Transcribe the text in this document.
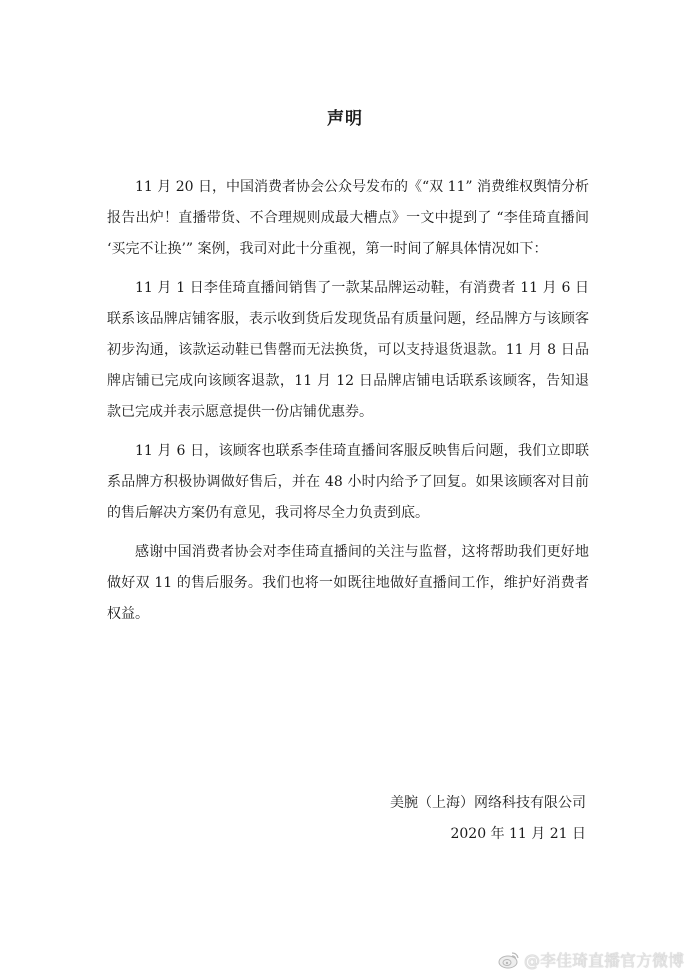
声明

11 月 20 日，中国消费者协会公众号发布的《“双 11” 消费维权舆情分析报告出炉！直播带货、不合理规则成最大槽点》一文中提到了 “李佳琦直播间 ‘买完不让换’” 案例，我司对此十分重视，第一时间了解具体情况如下：

11 月 1 日李佳琦直播间销售了一款某品牌运动鞋，有消费者 11 月 6 日联系该品牌店铺客服，表示收到货后发现货品有质量问题，经品牌方与该顾客初步沟通，该款运动鞋已售罄而无法换货，可以支持退货退款。11 月 8 日品牌店铺已完成向该顾客退款，11 月 12 日品牌店铺电话联系该顾客，告知退款已完成并表示愿意提供一份店铺优惠券。

11 月 6 日，该顾客也联系李佳琦直播间客服反映售后问题，我们立即联系品牌方积极协调做好售后，并在 48 小时内给予了回复。如果该顾客对目前的售后解决方案仍有意见，我司将尽全力负责到底。

感谢中国消费者协会对李佳琦直播间的关注与监督，这将帮助我们更好地做好双 11 的售后服务。我们也将一如既往地做好直播间工作，维护好消费者权益。

美腕（上海）网络科技有限公司
2020 年 11 月 21 日
@李佳琦直播官方微博
